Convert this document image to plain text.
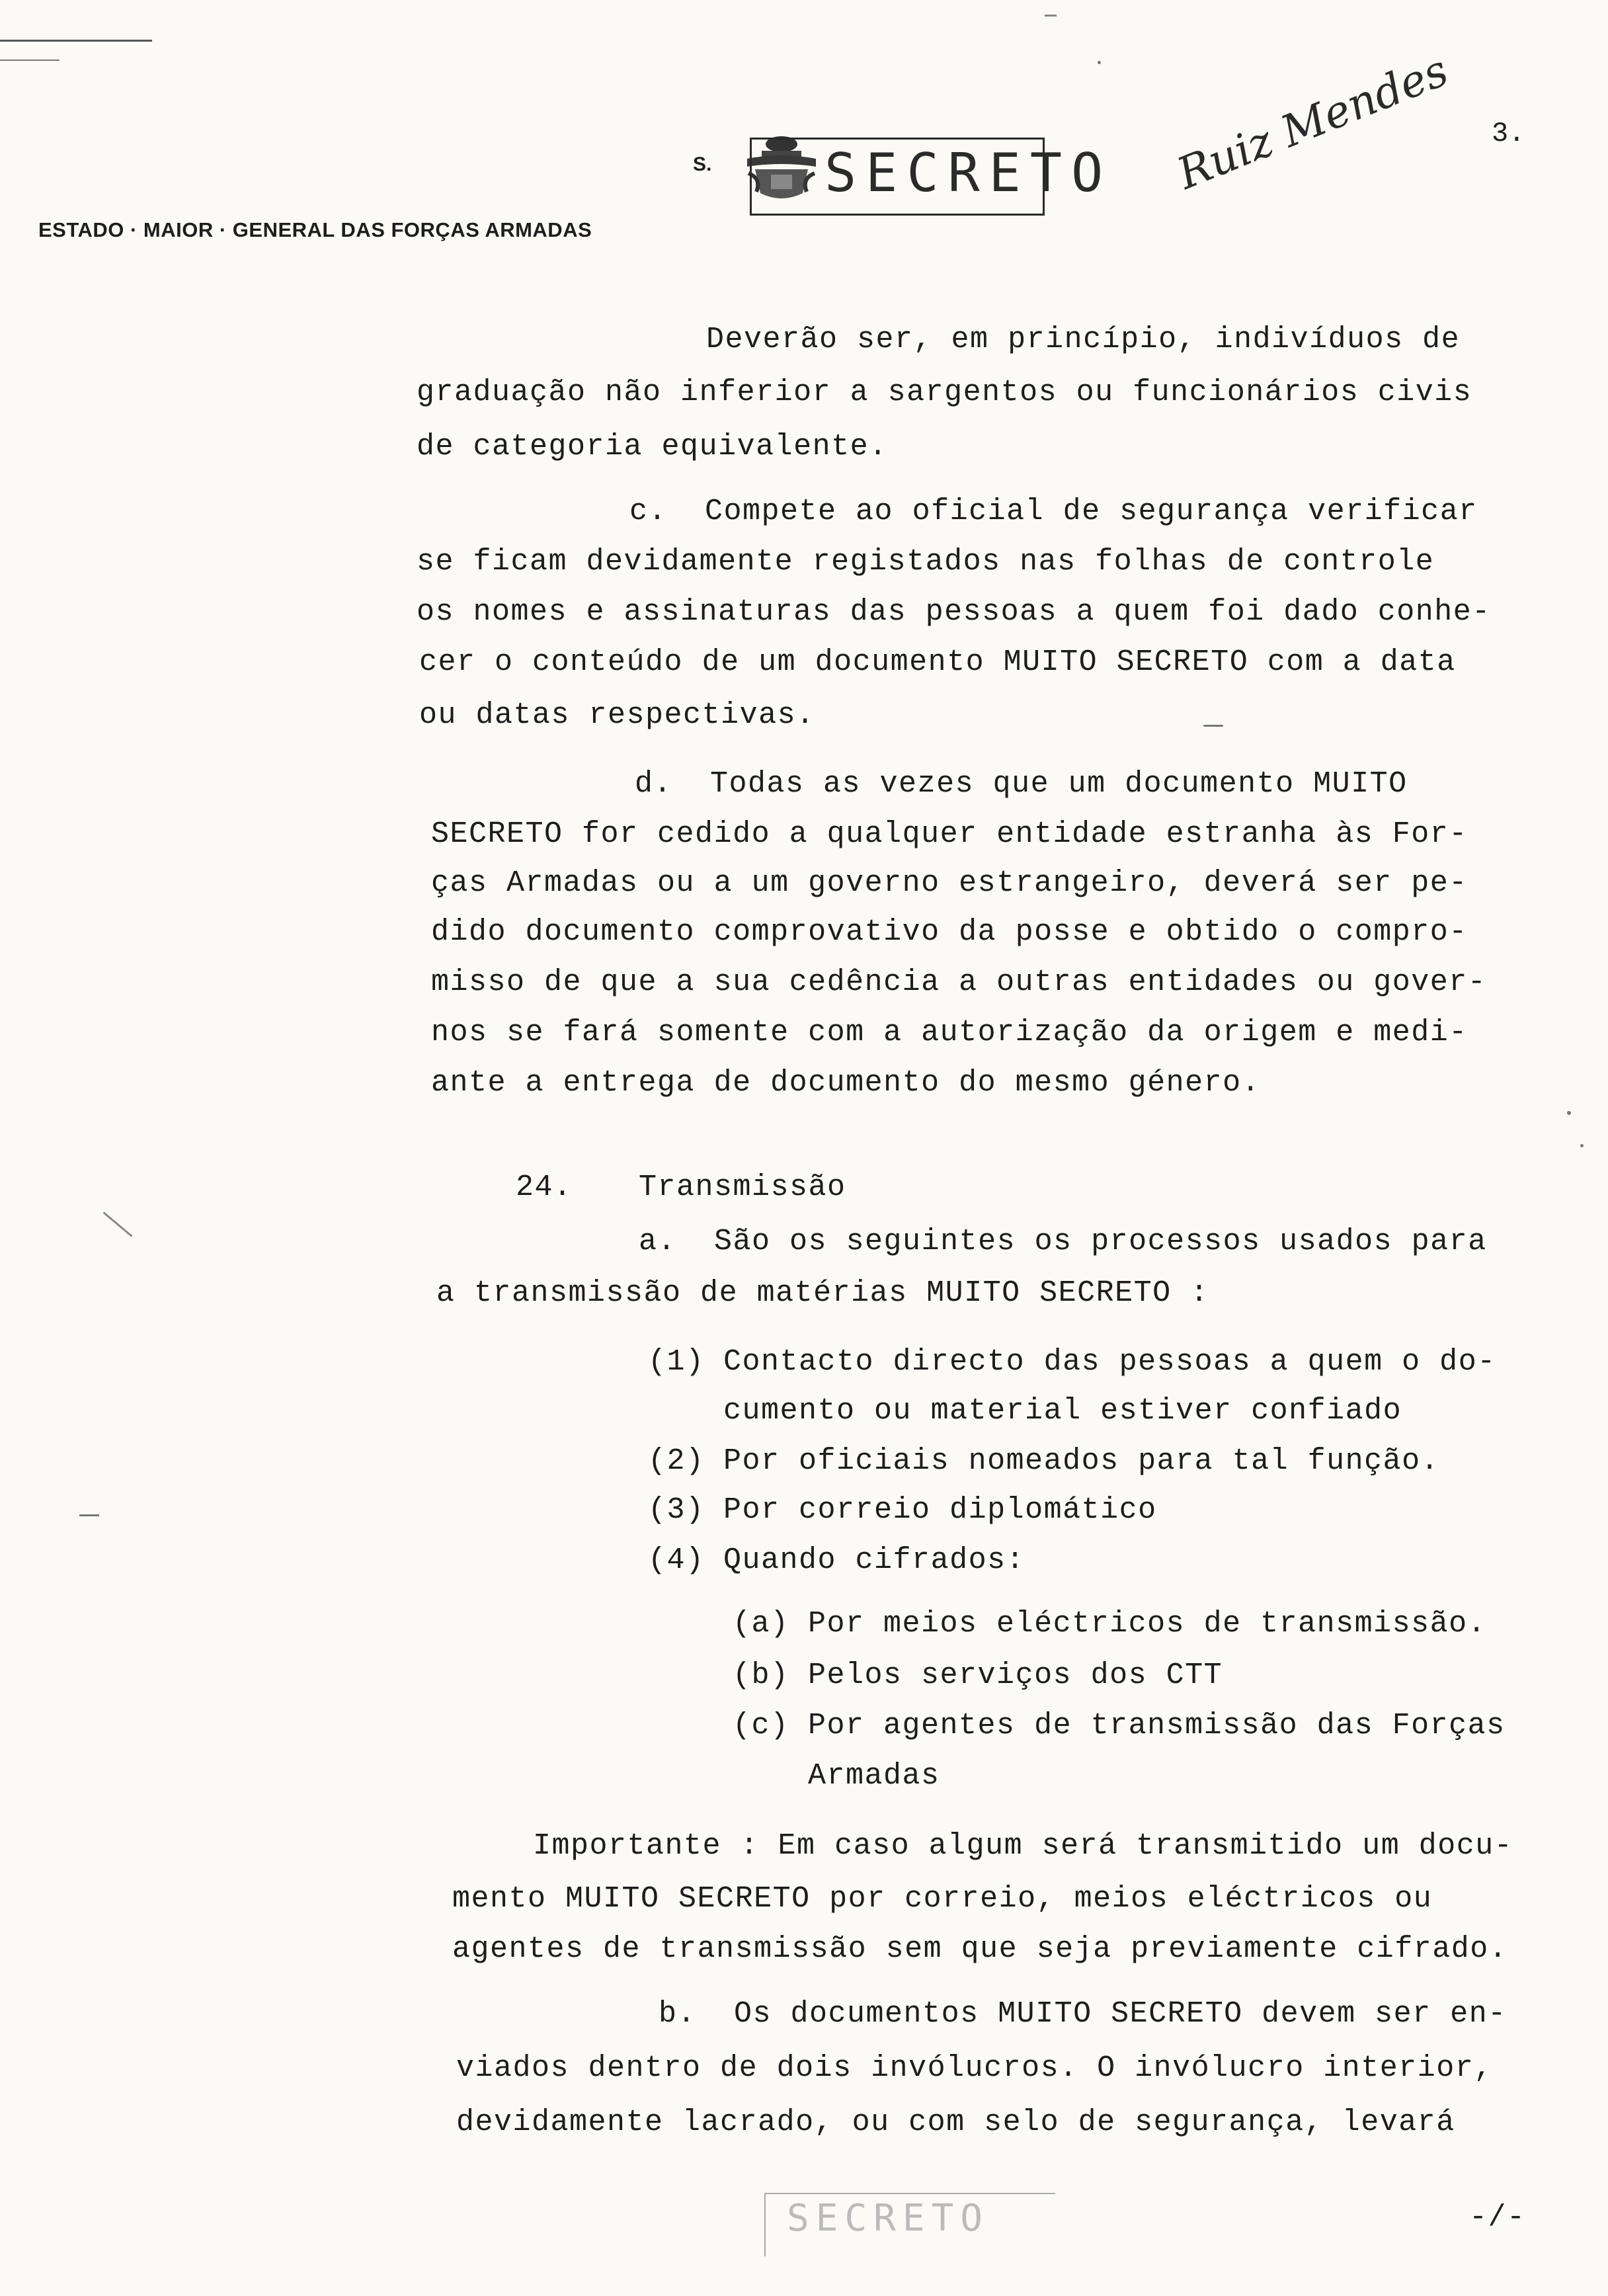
S. SECRETO
ESTADO · MAIOR · GENERAL DAS FORÇAS ARMADAS
Ruiz Mendes 3.
Deverão ser, em princípio, indivíduos de
graduação não inferior a sargentos ou funcionários civis
de categoria equivalente.
c.  Compete ao oficial de segurança verificar
se ficam devidamente registados nas folhas de controle
os nomes e assinaturas das pessoas a quem foi dado conhe-
cer o conteúdo de um documento MUITO SECRETO com a data
ou datas respectivas.
d.  Todas as vezes que um documento MUITO
SECRETO for cedido a qualquer entidade estranha às For-
ças Armadas ou a um governo estrangeiro, deverá ser pe-
dido documento comprovativo da posse e obtido o compro-
misso de que a sua cedência a outras entidades ou gover-
nos se fará somente com a autorização da origem e medi-
ante a entrega de documento do mesmo género.
24. Transmissão
a.  São os seguintes os processos usados para
a transmissão de matérias MUITO SECRETO :
(1) Contacto directo das pessoas a quem o do-
cumento ou material estiver confiado
(2) Por oficiais nomeados para tal função.
(3) Por correio diplomático
(4) Quando cifrados:
(a) Por meios eléctricos de transmissão.
(b) Pelos serviços dos CTT
(c) Por agentes de transmissão das Forças
Armadas
Importante : Em caso algum será transmitido um docu-
mento MUITO SECRETO por correio, meios eléctricos ou
agentes de transmissão sem que seja previamente cifrado.
b.  Os documentos MUITO SECRETO devem ser en-
viados dentro de dois invólucros. O invólucro interior,
devidamente lacrado, ou com selo de segurança, levará
SECRETO	-/-
